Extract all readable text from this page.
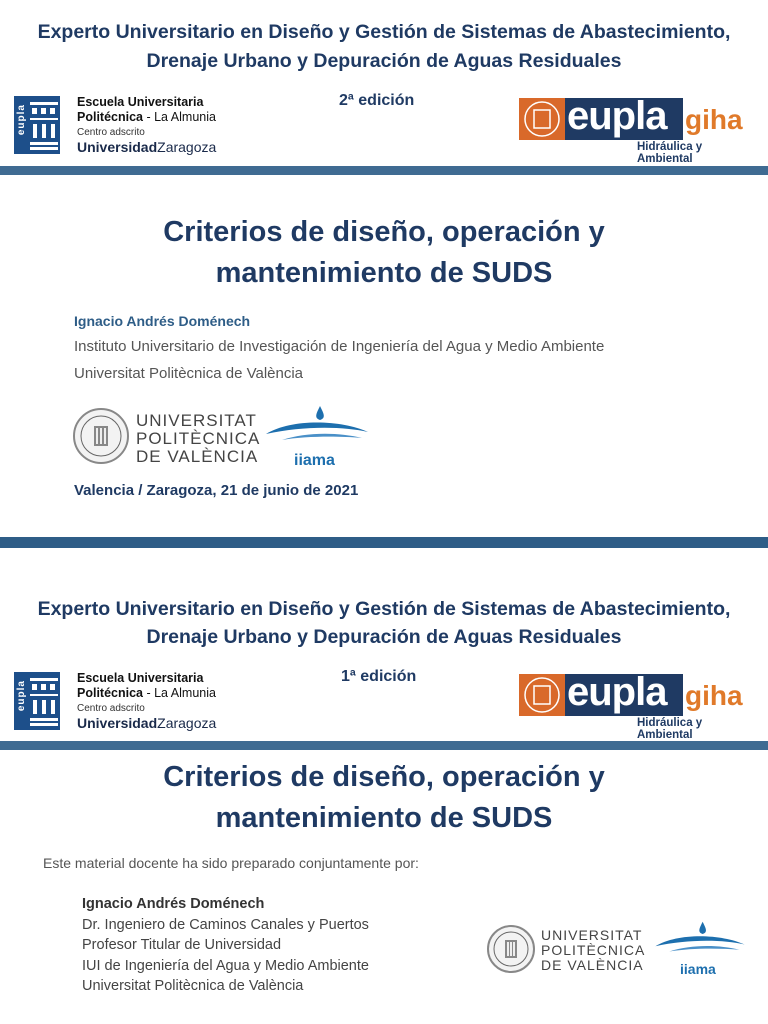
Experto Universitario en Diseño y Gestión de Sistemas de Abastecimiento,
Drenaje Urbano y Depuración de Aguas Residuales
eupla
Escuela Universitaria
Politécnica - La Almunia
Centro adscrito
UniversidadZaragoza
2ª edición	eupla giha
Hidráulica y Ambiental
Criterios de diseño, operación y
mantenimiento de SUDS
Ignacio Andrés Doménech
Instituto Universitario de Investigación de Ingeniería del Agua y Medio Ambiente
Universitat Politècnica de València
UNIVERSITAT
POLITÈCNICA
DE VALÈNCIA iiama
Valencia / Zaragoza, 21 de junio de 2021
Experto Universitario en Diseño y Gestión de Sistemas de Abastecimiento,
Drenaje Urbano y Depuración de Aguas Residuales
eupla
Escuela Universitaria
Politécnica - La Almunia
Centro adscrito
UniversidadZaragoza
1ª edición	eupla giha
Hidráulica y Ambiental
Criterios de diseño, operación y
mantenimiento de SUDS
Este material docente ha sido preparado conjuntamente por:
Ignacio Andrés Doménech
Dr. Ingeniero de Caminos Canales y Puertos
Profesor Titular de Universidad
IUI de Ingeniería del Agua y Medio Ambiente
Universitat Politècnica de València
UNIVERSITAT
POLITÈCNICA
DE VALÈNCIA	iiama
